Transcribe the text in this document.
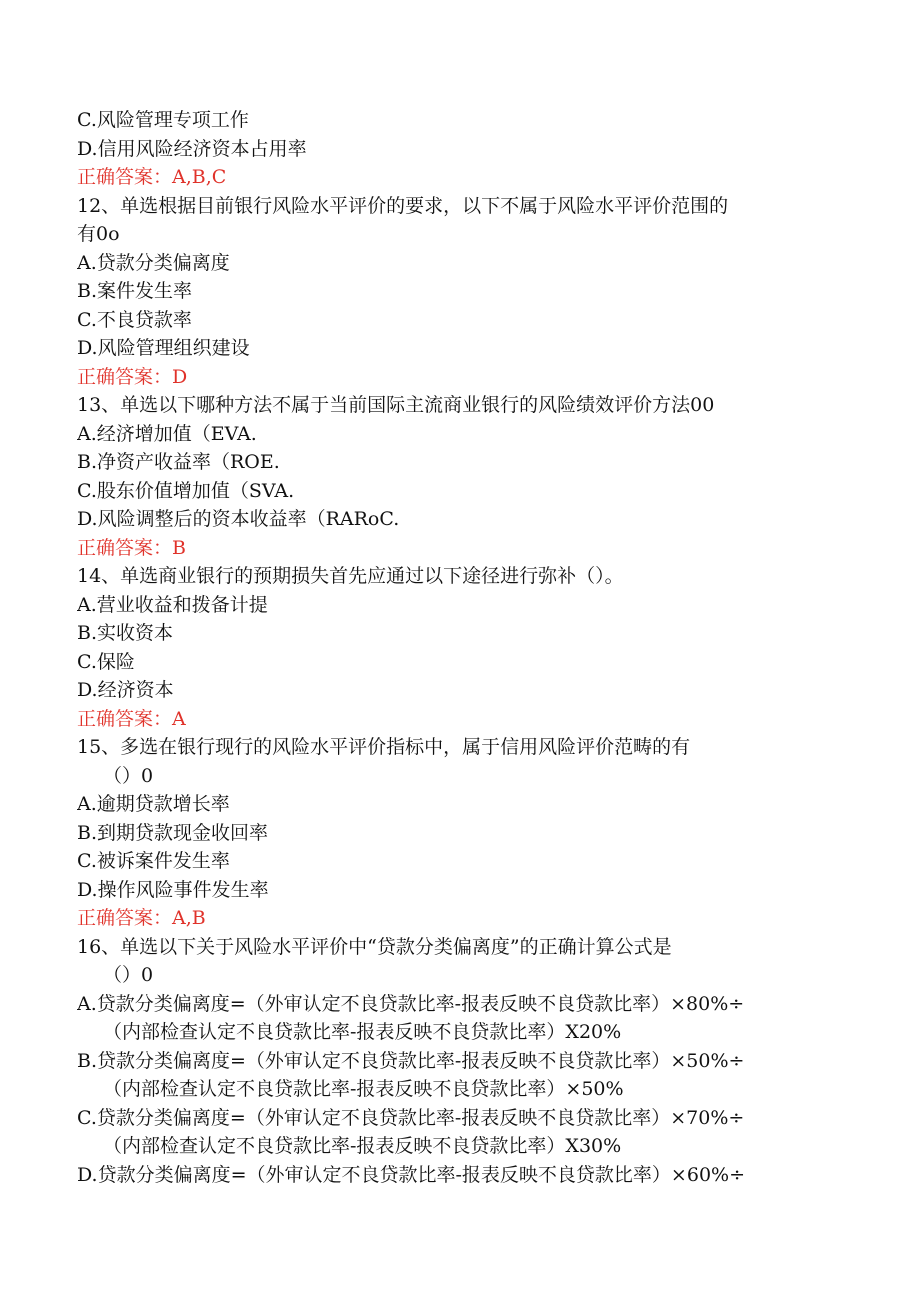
C.风险管理专项工作
D.信用风险经济资本占用率
正确答案：A,B,C
12、单选根据目前银行风险水平评价的要求，以下不属于风险水平评价范围的
有0o
A.贷款分类偏离度
B.案件发生率
C.不良贷款率
D.风险管理组织建设
正确答案：D
13、单选以下哪种方法不属于当前国际主流商业银行的风险绩效评价方法00
A.经济增加值（EVA.
B.净资产收益率（ROE.
C.股东价值增加值（SVA.
D.风险调整后的资本收益率（RARoC.
正确答案：B
14、单选商业银行的预期损失首先应通过以下途径进行弥补（）。
A.营业收益和拨备计提
B.实收资本
C.保险
D.经济资本
正确答案：A
15、多选在银行现行的风险水平评价指标中，属于信用风险评价范畴的有
（）0
A.逾期贷款增长率
B.到期贷款现金收回率
C.被诉案件发生率
D.操作风险事件发生率
正确答案：A,B
16、单选以下关于风险水平评价中“贷款分类偏离度”的正确计算公式是
（）0
A.贷款分类偏离度=（外审认定不良贷款比率-报表反映不良贷款比率）×80%÷
（内部检查认定不良贷款比率-报表反映不良贷款比率）X20%
B.贷款分类偏离度=（外审认定不良贷款比率-报表反映不良贷款比率）×50%÷
（内部检查认定不良贷款比率-报表反映不良贷款比率）×50%
C.贷款分类偏离度=（外审认定不良贷款比率-报表反映不良贷款比率）×70%÷
（内部检查认定不良贷款比率-报表反映不良贷款比率）X30%
D.贷款分类偏离度=（外审认定不良贷款比率-报表反映不良贷款比率）×60%÷
